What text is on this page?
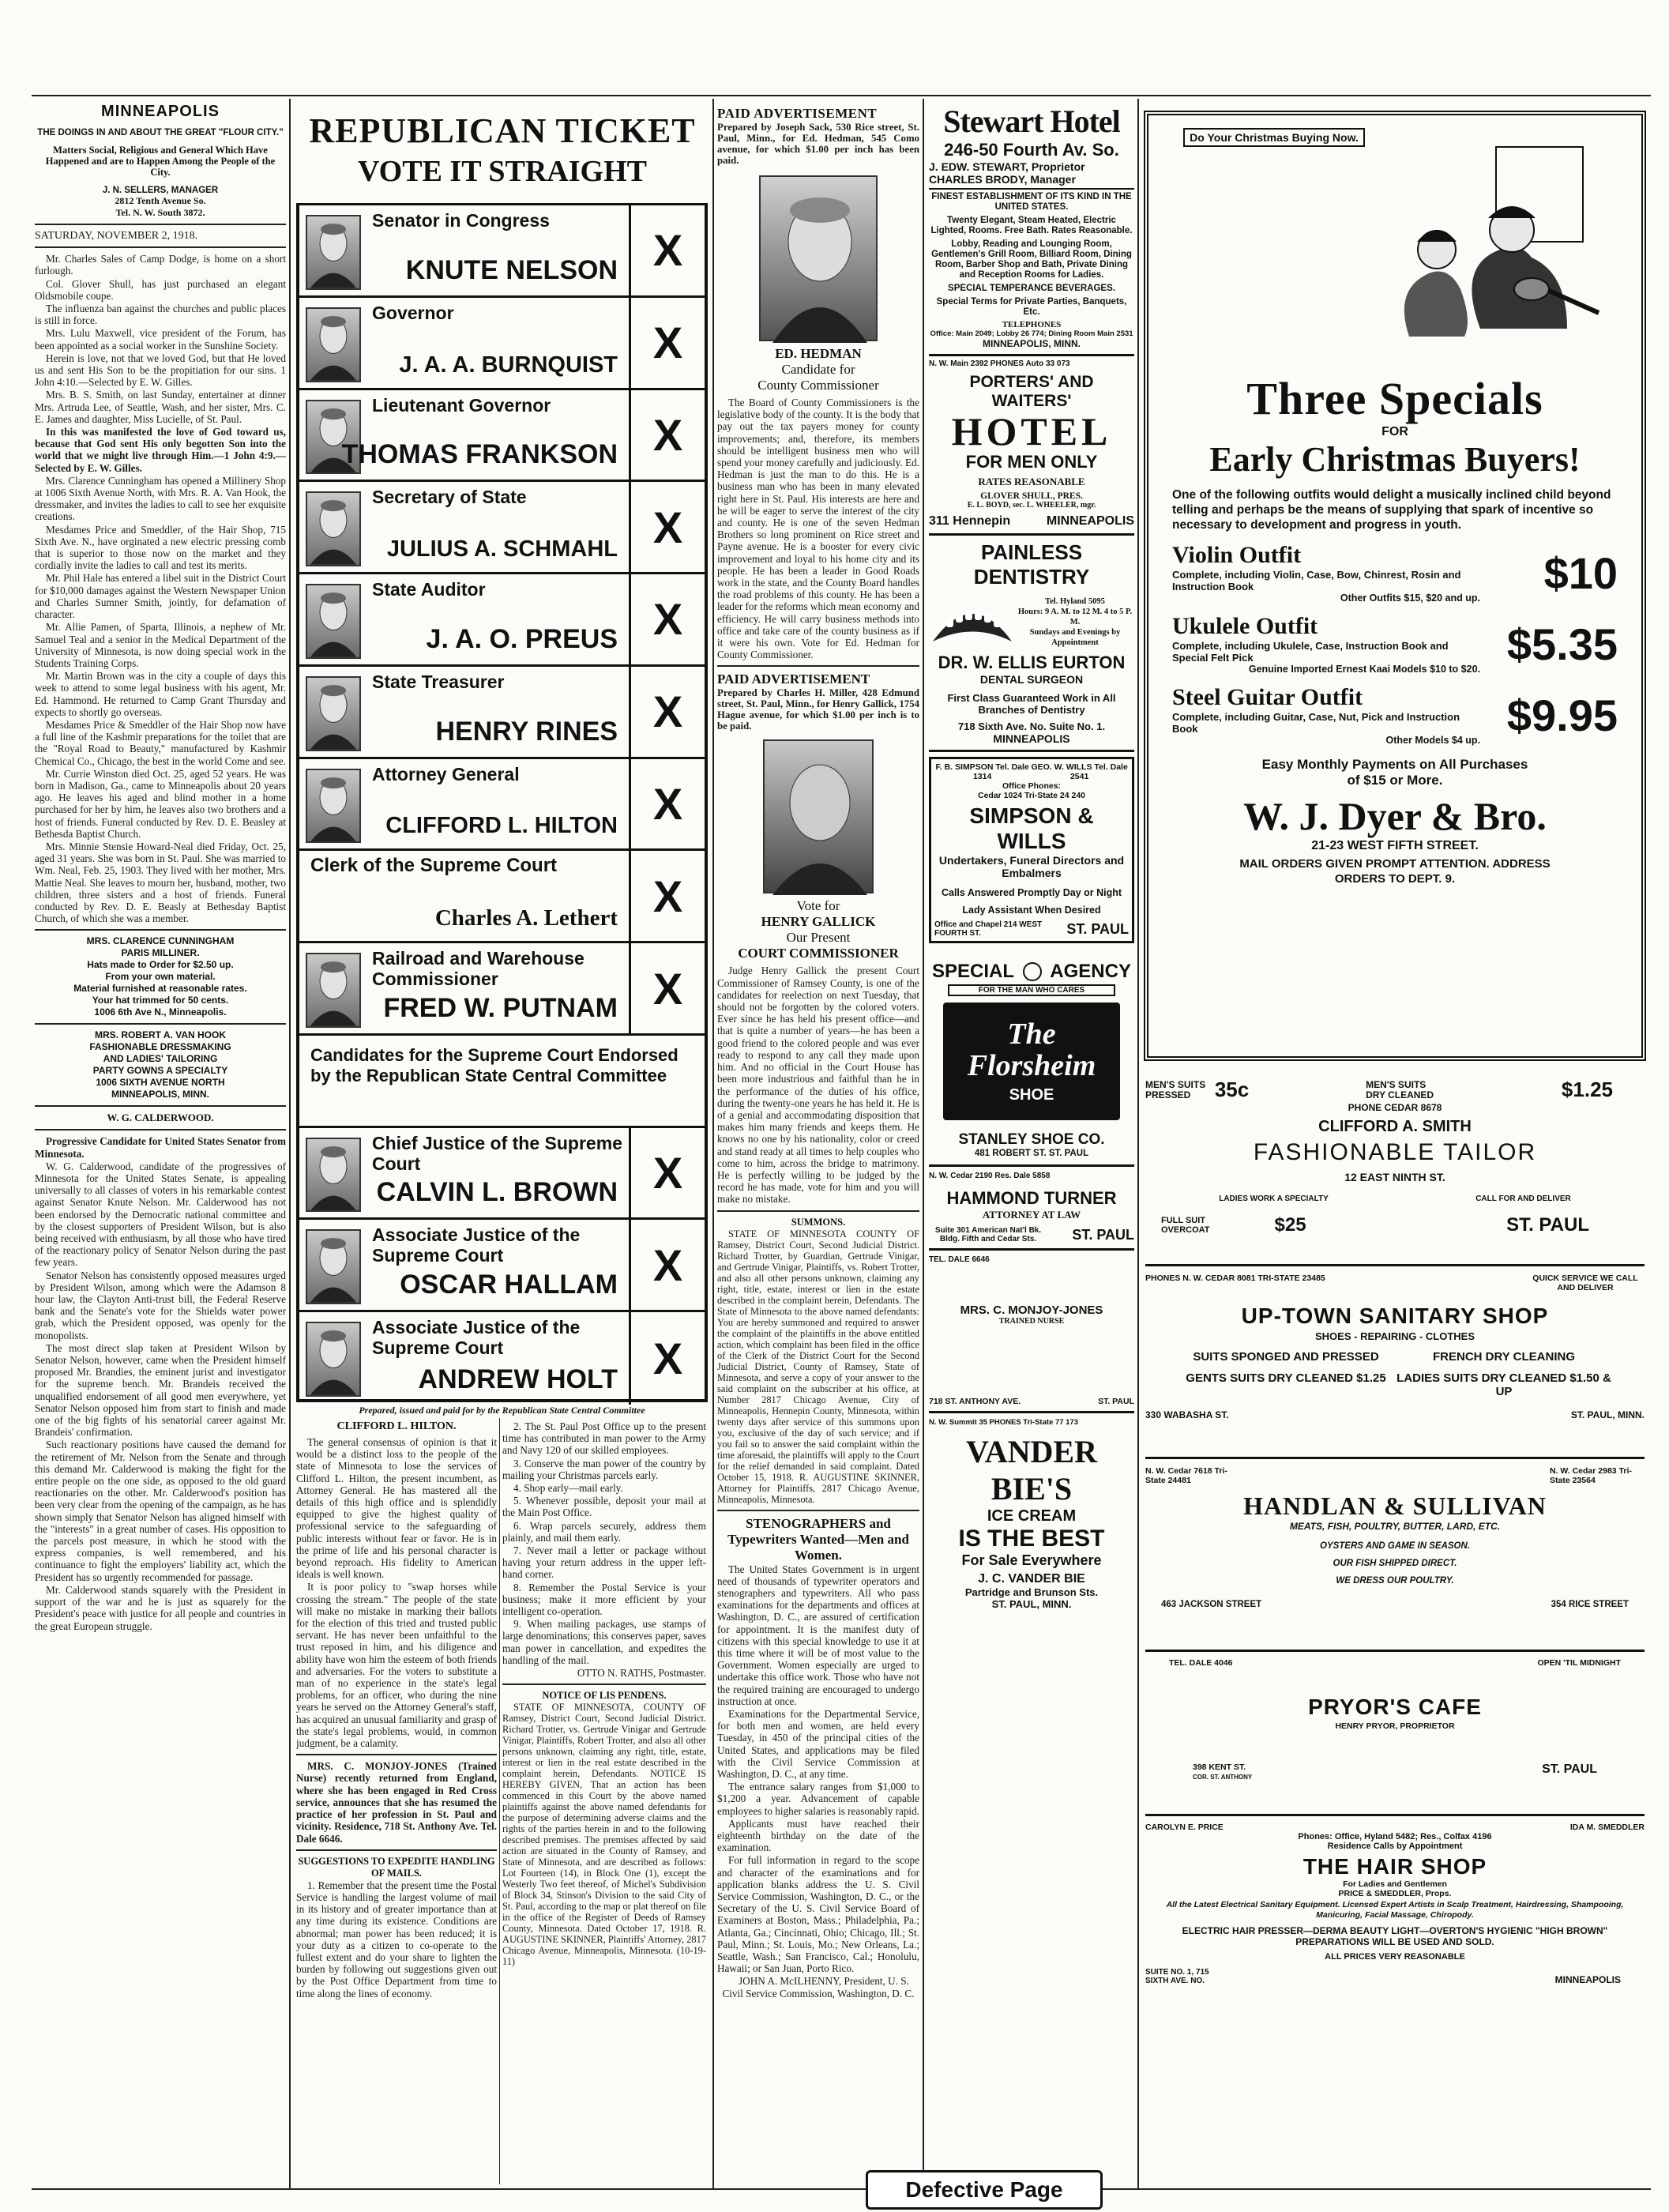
MINNEAPOLIS
THE DOINGS IN AND ABOUT THE GREAT "FLOUR CITY."
Matters Social, Religious and General Which Have Happened and are to Happen Among the People of the City.
J. N. SELLERS, MANAGER
2812 Tenth Avenue So.
Tel. N. W. South 3872.
SATURDAY, NOVEMBER 2, 1918.

Mr. Charles Sales of Camp Dodge, is home on a short furlough.

Col. Glover Shull, has just purchased an elegant Oldsmobile coupe.

The influenza ban against the churches and public places is still in force.

Mrs. Lulu Maxwell, vice president of the Forum, has been appointed as a social worker in the Sunshine Society.

Herein is love, not that we loved God, but that He loved us and sent His Son to be the propitiation for our sins. 1 John 4:10.—Selected by E. W. Gilles.

Mrs. B. S. Smith, on last Sunday, entertainer at dinner Mrs. Artruda Lee, of Seattle, Wash, and her sister, Mrs. C. E. James and daughter, Miss Lucielle, of St. Paul.

In this was manifested the love of God toward us, because that God sent His only begotten Son into the world that we might live through Him.—1 John 4:9.—Selected by E. W. Gilles.

Mrs. Clarence Cunningham has opened a Millinery Shop at 1006 Sixth Avenue North, with Mrs. R. A. Van Hook, the dressmaker, and invites the ladies to call to see her exquisite creations.

Mesdames Price and Smeddler, of the Hair Shop, 715 Sixth Ave. N., have orginated a new electric pressing comb that is superior to those now on the market and they cordially invite the ladies to call and test its merits.

Mr. Phil Hale has entered a libel suit in the District Court for $10,000 damages against the Western Newspaper Union and Charles Sumner Smith, jointly, for defamation of character.

Mr. Allie Pamen, of Sparta, Illinois, a nephew of Mr. Samuel Teal and a senior in the Medical Department of the University of Minnesota, is now doing special work in the Students Training Corps.

Mr. Martin Brown was in the city a couple of days this week to attend to some legal business with his agent, Mr. Ed. Hammond. He returned to Camp Grant Thursday and expects to shortly go overseas.

Mesdames Price & Smeddler of the Hair Shop now have a full line of the Kashmir preparations for the toilet that are the "Royal Road to Beauty," manufactured by Kashmir Chemical Co., Chicago, the best in the world Come and see.

Mr. Currie Winston died Oct. 25, aged 52 years. He was born in Madison, Ga., came to Minneapolis about 20 years ago. He leaves his aged and blind mother in a home purchased for her by him, he leaves also two brothers and a host of friends. Funeral conducted by Rev. D. E. Beasley at Bethesda Baptist Church.

Mrs. Minnie Stensie Howard-Neal died Friday, Oct. 25, aged 31 years. She was born in St. Paul. She was married to Wm. Neal, Feb. 25, 1903. They lived with her mother, Mrs. Mattie Neal. She leaves to mourn her, husband, mother, two children, three sisters and a host of friends. Funeral conducted by Rev. D. E. Beasly at Bethesday Baptist Church, of which she was a member.

MRS. CLARENCE CUNNINGHAM
PARIS MILLINER.
Hats made to Order for $2.50 up.
From your own material.
Material furnished at reasonable rates.
Your hat trimmed for 50 cents.
1006 6th Ave N., Minneapolis.
MRS. ROBERT A. VAN HOOK
FASHIONABLE DRESSMAKING
AND LADIES' TAILORING
PARTY GOWNS A SPECIALTY
1006 SIXTH AVENUE NORTH
MINNEAPOLIS, MINN.
W. G. CALDERWOOD.

Progressive Candidate for United States Senator from Minnesota.

W. G. Calderwood, candidate of the progressives of Minnesota for the United States Senate, is appealing universally to all classes of voters in his remarkable contest against Senator Knute Nelson. Mr. Calderwood has not been endorsed by the Democratic national committee and by the closest supporters of President Wilson, but is also being received with enthusiasm, by all those who have tired of the reactionary policy of Senator Nelson during the past few years.

Senator Nelson has consistently opposed measures urged by President Wilson, among which were the Adamson 8 hour law, the Clayton Anti-trust bill, the Federal Reserve bank and the Senate's vote for the Shields water power grab, which the President opposed, was openly for the monopolists.

The most direct slap taken at President Wilson by Senator Nelson, however, came when the President himself proposed Mr. Brandies, the eminent jurist and investigator for the supreme bench. Mr. Brandeis received the unqualified endorsement of all good men everywhere, yet Senator Nelson opposed him from start to finish and made one of the big fights of his senatorial career against Mr. Brandeis' confirmation.

Such reactionary positions have caused the demand for the retirement of Mr. Nelson from the Senate and through this demand Mr. Calderwood is making the fight for the entire people on the one side, as opposed to the old guard reactionaries on the other. Mr. Calderwood's position has been very clear from the opening of the campaign, as he has shown simply that Senator Nelson has aligned himself with the "interests" in a great number of cases. His opposition to the parcels post measure, in which he stood with the express companies, is well remembered, and his continuance to fight the employers' liability act, which the President has so urgently recommended for passage.

Mr. Calderwood stands squarely with the President in support of the war and he is just as squarely for the President's peace with justice for all people and countries in the great European struggle.

REPUBLICAN TICKET
VOTE IT STRAIGHT
Senator in Congress
KNUTE NELSON X
Governor
J. A. A. BURNQUIST X
Lieutenant Governor
THOMAS FRANKSON X
Secretary of State
JULIUS A. SCHMAHL X
State Auditor
J. A. O. PREUS X
State Treasurer
HENRY RINES X
Attorney General
CLIFFORD L. HILTON X
Clerk of the Supreme Court
Charles A. Lethert X
Railroad and Warehouse Commissioner
FRED W. PUTNAM X
Candidates for the Supreme Court Endorsed by the Republican State Central Committee
Chief Justice of the Supreme Court
CALVIN L. BROWN X
Associate Justice of the Supreme Court
OSCAR HALLAM X
Associate Justice of the Supreme Court
ANDREW HOLT X
Prepared, issued and paid for by the Republican State Central Committee
CLIFFORD L. HILTON.

The general consensus of opinion is that it would be a distinct loss to the people of the state of Minnesota to lose the services of Clifford L. Hilton, the present incumbent, as Attorney General. He has mastered all the details of this high office and is splendidly equipped to give the highest quality of professional service to the safeguarding of public interests without fear or favor. He is in the prime of life and his personal character is beyond reproach. His fidelity to American ideals is well known.

It is poor policy to "swap horses while crossing the stream." The people of the state will make no mistake in marking their ballots for the election of this tried and trusted public servant. He has never been unfaithful to the trust reposed in him, and his diligence and ability have won him the esteem of both friends and adversaries. For the voters to substitute a man of no experience in the state's legal problems, for an officer, who during the nine years he served on the Attorney General's staff, has acquired an unusual familiarity and grasp of the state's legal problems, would, in common judgment, be a calamity.

MRS. C. MONJOY-JONES (Trained Nurse) recently returned from England, where she has been engaged in Red Cross service, announces that she has resumed the practice of her profession in St. Paul and vicinity. Residence, 718 St. Anthony Ave. Tel. Dale 6646.

SUGGESTIONS TO EXPEDITE HANDLING OF MAILS.

1. Remember that the present time the Postal Service is handling the largest volume of mail in its history and of greater importance than at any time during its existence. Conditions are abnormal; man power has been reduced; it is your duty as a citizen to co-operate to the fullest extent and do your share to lighten the burden by following out suggestions given out by the Post Office Department from time to time along the lines of economy.

2. The St. Paul Post Office up to the present time has contributed in man power to the Army and Navy 120 of our skilled employees.

3. Conserve the man power of the country by mailing your Christmas parcels early.

4. Shop early—mail early.

5. Whenever possible, deposit your mail at the Main Post Office.

6. Wrap parcels securely, address them plainly, and mail them early.

7. Never mail a letter or package without having your return address in the upper left-hand corner.

8. Remember the Postal Service is your business; make it more efficient by your intelligent co-operation.

9. When mailing packages, use stamps of large denominations; this conserves paper, saves man power in cancellation, and expedites the handling of the mail.

OTTO N. RATHS, Postmaster.

NOTICE OF LIS PENDENS.

STATE OF MINNESOTA, COUNTY OF Ramsey, District Court, Second Judicial District. Richard Trotter, vs. Gertrude Vinigar and Gertrude Vinigar, Plaintiffs, Robert Trotter, and also all other persons unknown, claiming any right, title, estate, interest or lien in the real estate described in the complaint herein, Defendants. NOTICE IS HEREBY GIVEN, That an action has been commenced in this Court by the above named plaintiffs against the above named defendants for the purpose of determining adverse claims and the rights of the parties herein in and to the following described premises. The premises affected by said action are situated in the County of Ramsey, and State of Minnesota, and are described as follows: Lot Fourteen (14), in Block One (1), except the Westerly Two feet thereof, of Michel's Subdivision of Block 34, Stinson's Division to the said City of St. Paul, according to the map or plat thereof on file in the office of the Register of Deeds of Ramsey County, Minnesota. Dated October 17, 1918. R. AUGUSTINE SKINNER, Plaintiffs' Attorney, 2817 Chicago Avenue, Minneapolis, Minnesota. (10-19-11)

PAID ADVERTISEMENT

Prepared by Joseph Sack, 530 Rice street, St. Paul, Minn., for Ed. Hedman, 545 Como avenue, for which $1.00 per inch has been paid.

ED. HEDMAN
Candidate for
County Commissioner

The Board of County Commissioners is the legislative body of the county. It is the body that pay out the tax payers money for county improvements; and, therefore, its members should be intelligent business men who will spend your money carefully and judiciously. Ed. Hedman is just the man to do this. He is a business man who has been in many elevated right here in St. Paul. His interests are here and he will be eager to serve the interest of the city and county. He is one of the seven Hedman Brothers so long prominent on Rice street and Payne avenue. He is a booster for every civic improvement and loyal to his home city and its people. He has been a leader in Good Roads work in the state, and the County Board handles the road problems of this county. He has been a leader for the reforms which mean economy and efficiency. He will carry business methods into office and take care of the county business as if it were his own. Vote for Ed. Hedman for County Commissioner.

PAID ADVERTISEMENT

Prepared by Charles H. Miller, 428 Edmund street, St. Paul, Minn., for Henry Gallick, 1754 Hague avenue, for which $1.00 per inch is to be paid.

Vote for
HENRY GALLICK
Our Present
COURT COMMISSIONER

Judge Henry Gallick the present Court Commissioner of Ramsey County, is one of the candidates for reelection on next Tuesday, that should not be forgotten by the colored voters. Ever since he has held his present office—and that is quite a number of years—he has been a good friend to the colored people and was ever ready to respond to any call they made upon him. And no official in the Court House has been more industrious and faithful than he in the performance of the duties of his office, during the twenty-one years he has held it. He is of a genial and accommodating disposition that makes him many friends and keeps them. He knows no one by his nationality, color or creed and stand ready at all times to help couples who come to him, across the bridge to matrimony. He is perfectly willing to be judged by the record he has made, vote for him and you will make no mistake.

SUMMONS.

STATE OF MINNESOTA COUNTY OF Ramsey, District Court, Second Judicial District. Richard Trotter, by Guardian, Gertrude Vinigar, and Gertrude Vinigar, Plaintiffs, vs. Robert Trotter, and also all other persons unknown, claiming any right, title, estate, interest or lien in the estate described in the complaint herein, Defendants. The State of Minnesota to the above named defendants: You are hereby summoned and required to answer the complaint of the plaintiffs in the above entitled action, which complaint has been filed in the office of the Clerk of the District Court for the Second Judicial District, County of Ramsey, State of Minnesota, and serve a copy of your answer to the said complaint on the subscriber at his office, at Number 2817 Chicago Avenue, City of Minneapolis, Hennepin County, Minnesota, within twenty days after service of this summons upon you, exclusive of the day of such service; and if you fail so to answer the said complaint within the time aforesaid, the plaintiffs will apply to the Court for the relief demanded in said complaint. Dated October 15, 1918. R. AUGUSTINE SKINNER, Attorney for Plaintiffs, 2817 Chicago Avenue, Minneapolis, Minnesota.

STENOGRAPHERS and Typewriters Wanted—Men and Women.

The United States Government is in urgent need of thousands of typewriter operators and stenographers and typewriters. All who pass examinations for the departments and offices at Washington, D. C., are assured of certification for appointment. It is the manifest duty of citizens with this special knowledge to use it at this time where it will be of most value to the Government. Women especially are urged to undertake this office work. Those who have not the required training are encouraged to undergo instruction at once.

Examinations for the Departmental Service, for both men and women, are held every Tuesday, in 450 of the principal cities of the United States, and applications may be filed with the Civil Service Commission at Washington, D. C., at any time.

The entrance salary ranges from $1,000 to $1,200 a year. Advancement of capable employees to higher salaries is reasonably rapid.

Applicants must have reached their eighteenth birthday on the date of the examination.

For full information in regard to the scope and character of the examinations and for application blanks address the U. S. Civil Service Commission, Washington, D. C., or the Secretary of the U. S. Civil Service Board of Examiners at Boston, Mass.; Philadelphia, Pa.; Atlanta, Ga.; Cincinnati, Ohio; Chicago, Ill.; St. Paul, Minn.; St. Louis, Mo.; New Orleans, La.; Seattle, Wash.; San Francisco, Cal.; Honolulu, Hawaii; or San Juan, Porto Rico.

JOHN A. McILHENNY, President, U. S. Civil Service Commission, Washington, D. C.

Stewart Hotel
246-50 Fourth Av. So.
J. EDW. STEWART, Proprietor
CHARLES BRODY, Manager
FINEST ESTABLISHMENT OF ITS KIND IN THE UNITED STATES.
Twenty Elegant, Steam Heated, Electric Lighted, Rooms. Free Bath. Rates Reasonable.
Lobby, Reading and Lounging Room, Gentlemen's Grill Room, Billiard Room, Dining Room, Barber Shop and Bath, Private Dining and Reception Rooms for Ladies.
SPECIAL TEMPERANCE BEVERAGES.
Special Terms for Private Parties, Banquets, Etc.
TELEPHONES
Office: Main 2049; Lobby 26 774; Dining Room Main 2531
MINNEAPOLIS, MINN.
N. W. Main 2392 PHONES Auto 33 073
PORTERS' AND WAITERS'
HOTEL
FOR MEN ONLY
RATES REASONABLE
GLOVER SHULL, PRES.
E. L. BOYD, sec. L. WHEELER, mgr.
311 Hennepin	MINNEAPOLIS
PAINLESS DENTISTRY
Tel. Hyland 5095
Hours: 9 A. M. to 12 M. 4 to 5 P. M.
Sundays and Evenings by Appointment
DR. W. ELLIS EURTON
DENTAL SURGEON
First Class Guaranteed Work in All Branches of Dentistry
718 Sixth Ave. No. Suite No. 1.
MINNEAPOLIS
F. B. SIMPSON Tel. Dale 1314
GEO. W. WILLS Tel. Dale 2541
Office Phones:
Cedar 1024 Tri-State 24 240
SIMPSON & WILLS
Undertakers, Funeral Directors and Embalmers
Calls Answered Promptly Day or Night
Lady Assistant When Desired
Office and Chapel 214 WEST FOURTH ST.	ST. PAUL
SPECIAL AGENCY
FOR THE MAN WHO CARES
The Florsheim
SHOE
STANLEY SHOE CO.
481 ROBERT ST. ST. PAUL
N. W. Cedar 2190 Res. Dale 5858
HAMMOND TURNER
ATTORNEY AT LAW
Suite 301 American Nat'l Bk. Bldg. Fifth and Cedar Sts.	ST. PAUL
TEL. DALE 6646
MRS. C. MONJOY-JONES
TRAINED NURSE
718 ST. ANTHONY AVE.	ST. PAUL
N. W. Summit 35 PHONES Tri-State 77 173
VANDER BIE'S
ICE CREAM
IS THE BEST
For Sale Everywhere
J. C. VANDER BIE
Partridge and Brunson Sts.
ST. PAUL, MINN.
Do Your Christmas Buying Now.
Three Specials
FOR
Early Christmas Buyers!

One of the following outfits would delight a musically inclined child beyond telling and perhaps be the means of supplying that spark of incentive so necessary to development and progress in youth.

Violin Outfit
Complete, including Violin, Case, Bow, Chinrest, Rosin and Instruction Book
Other Outfits $15, $20 and up.
$10
Ukulele Outfit
Complete, including Ukulele, Case, Instruction Book and Special Felt Pick
Genuine Imported Ernest Kaai Models $10 to $20.
$5.35
Steel Guitar Outfit
Complete, including Guitar, Case, Nut, Pick and Instruction Book
Other Models $4 up.
$9.95
Easy Monthly Payments on All Purchases of $15 or More.
W. J. Dyer & Bro.
21-23 WEST FIFTH STREET.
MAIL ORDERS GIVEN PROMPT ATTENTION. ADDRESS ORDERS TO DEPT. 9.
MEN'S SUITS PRESSED	35c	MEN'S SUITS DRY CLEANED	$1.25
PHONE CEDAR 8678
CLIFFORD A. SMITH
FASHIONABLE TAILOR
12 EAST NINTH ST.
LADIES WORK A SPECIALTY	CALL FOR AND DELIVER
FULL SUIT OVERCOAT	$25	ST. PAUL
PHONES N. W. CEDAR 8081 TRI-STATE 23485	QUICK SERVICE WE CALL AND DELIVER
UP-TOWN SANITARY SHOP
SHOES - REPAIRING - CLOTHES
SUITS SPONGED AND PRESSED	FRENCH DRY CLEANING
GENTS SUITS DRY CLEANED $1.25 LADIES SUITS DRY CLEANED $1.50 & UP
330 WABASHA ST.	ST. PAUL, MINN.
N. W. Cedar 7618 Tri-State 24481
N. W. Cedar 2983 Tri-State 23564
HANDLAN & SULLIVAN
MEATS, FISH, POULTRY, BUTTER, LARD, ETC.
OYSTERS AND GAME IN SEASON.
OUR FISH SHIPPED DIRECT.
WE DRESS OUR POULTRY.
463 JACKSON STREET	354 RICE STREET
TEL. DALE 4046	OPEN 'TIL MIDNIGHT
PRYOR'S CAFE
HENRY PRYOR, PROPRIETOR
398 KENT ST.
COR. ST. ANTHONY
ST. PAUL
CAROLYN E. PRICE	IDA M. SMEDDLER
Phones: Office, Hyland 5482; Res., Colfax 4196
Residence Calls by Appointment
THE HAIR SHOP
For Ladies and Gentlemen
PRICE & SMEDDLER, Props.
All the Latest Electrical Sanitary Equipment. Licensed Expert Artists in Scalp Treatment, Hairdressing, Shampooing, Manicuring, Facial Massage, Chiropody.
ELECTRIC HAIR PRESSER—DERMA BEAUTY LIGHT—OVERTON'S HYGIENIC "HIGH BROWN" PREPARATIONS WILL BE USED AND SOLD.
ALL PRICES VERY REASONABLE
SUITE NO. 1, 715 SIXTH AVE. NO.	MINNEAPOLIS
Defective Page
